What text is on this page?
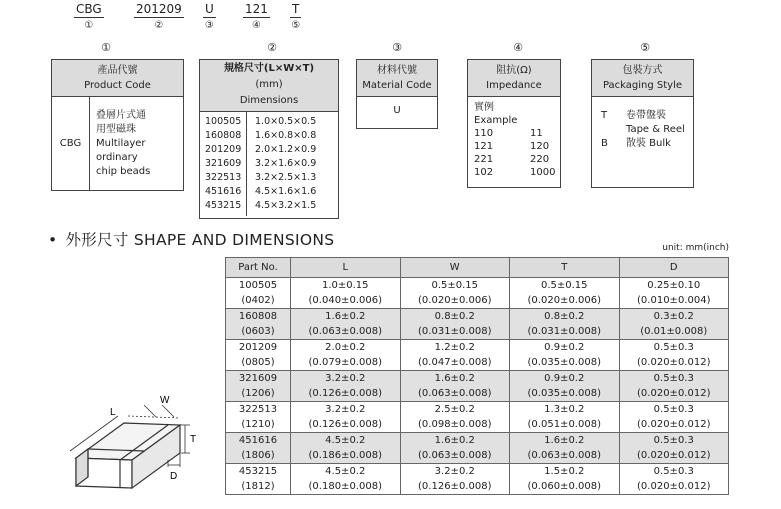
CBG
①
201209
②
U
③
121
④
T
⑤
①	②	③	④	⑤
產品代號
Product Code
CBG
叠層片式通
用型磁珠
Multilayer
ordinary
chip beads
規格尺寸(L×W×T)
(mm)
Dimensions
100505	1.0×0.5×0.5
160808	1.6×0.8×0.8
201209	2.0×1.2×0.9
321609	3.2×1.6×0.9
322513	3.2×2.5×1.3
451616	4.5×1.6×1.6
453215	4.5×3.2×1.5
材料代號
Material Code
U
阻抗(Ω)
Impedance
實例
Example
110	11
121	120
221	220
102	1000
包裝方式
Packaging Style
T 卷帶盤裝
Tape & Reel
B 散裝 Bulk
• 外形尺寸 SHAPE AND DIMENSIONS	unit: mm(inch)
L
W
T
D
Part No.	L	W	T	D
100505	1.0±0.15	0.5±0.15	0.5±0.15	0.25±0.10
(0402)	(0.040±0.006)	(0.020±0.006)	(0.020±0.006)	(0.010±0.004)
160808	1.6±0.2	0.8±0.2	0.8±0.2	0.3±0.2
(0603)	(0.063±0.008)	(0.031±0.008)	(0.031±0.008)	(0.01±0.008)
201209	2.0±0.2	1.2±0.2	0.9±0.2	0.5±0.3
(0805)	(0.079±0.008)	(0.047±0.008)	(0.035±0.008)	(0.020±0.012)
321609	3.2±0.2	1.6±0.2	0.9±0.2	0.5±0.3
(1206)	(0.126±0.008)	(0.063±0.008)	(0.035±0.008)	(0.020±0.012)
322513	3.2±0.2	2.5±0.2	1.3±0.2	0.5±0.3
(1210)	(0.126±0.008)	(0.098±0.008)	(0.051±0.008)	(0.020±0.012)
451616	4.5±0.2	1.6±0.2	1.6±0.2	0.5±0.3
(1806)	(0.186±0.008)	(0.063±0.008)	(0.063±0.008)	(0.020±0.012)
453215	4.5±0.2	3.2±0.2	1.5±0.2	0.5±0.3
(1812)	(0.180±0.008)	(0.126±0.008)	(0.060±0.008)	(0.020±0.012)
